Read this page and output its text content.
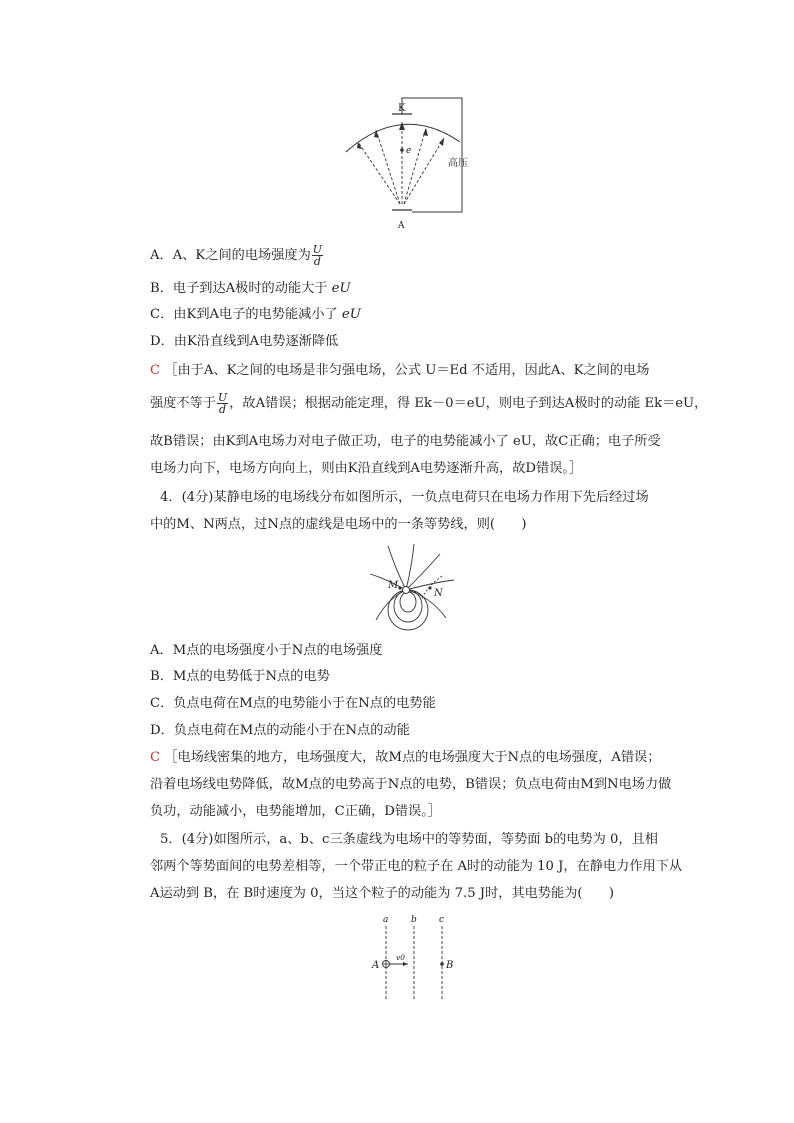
K
e
A
高压
A．A、K之间的电场强度为 $\frac{U}{d}$
B．电子到达A极时的动能大于 eU
C．由K到A电子的电势能减小了 eU
D．由K沿直线到A电势逐渐降低
C ［由于A、K之间的电场是非匀强电场，公式 U＝Ed 不适用，因此A、K之间的电场
强度不等于 $\frac{U}{d}$ ，故A错误；根据动能定理，得 Ek－0＝eU，则电子到达A极时的动能 Ek＝eU，
故B错误；由K到A电场力对电子做正功，电子的电势能减小了 eU，故C正确；电子所受
电场力向下，电场方向向上，则由K沿直线到A电势逐渐升高，故D错误。］
4．(4分)某静电场的电场线分布如图所示，一负点电荷只在电场力作用下先后经过场
中的M、N两点，过N点的虚线是电场中的一条等势线，则(　　)
M
N
A．M点的电场强度小于N点的电场强度
B．M点的电势低于N点的电势
C．负点电荷在M点的电势能小于在N点的电势能
D．负点电荷在M点的动能小于在N点的动能
C ［电场线密集的地方，电场强度大，故M点的电场强度大于N点的电场强度，A错误；
沿着电场线电势降低，故M点的电势高于N点的电势，B错误；负点电荷由M到N电场力做
负功，动能减小，电势能增加，C正确，D错误。］
5．(4分)如图所示，a、b、c三条虚线为电场中的等势面，等势面 b的电势为 0，且相
邻两个等势面间的电势差相等，一个带正电的粒子在 A时的动能为 10 J，在静电力作用下从
A运动到 B，在 B时速度为 0，当这个粒子的动能为 7.5 J时，其电势能为(　　)
a	b c
v0
A	B
